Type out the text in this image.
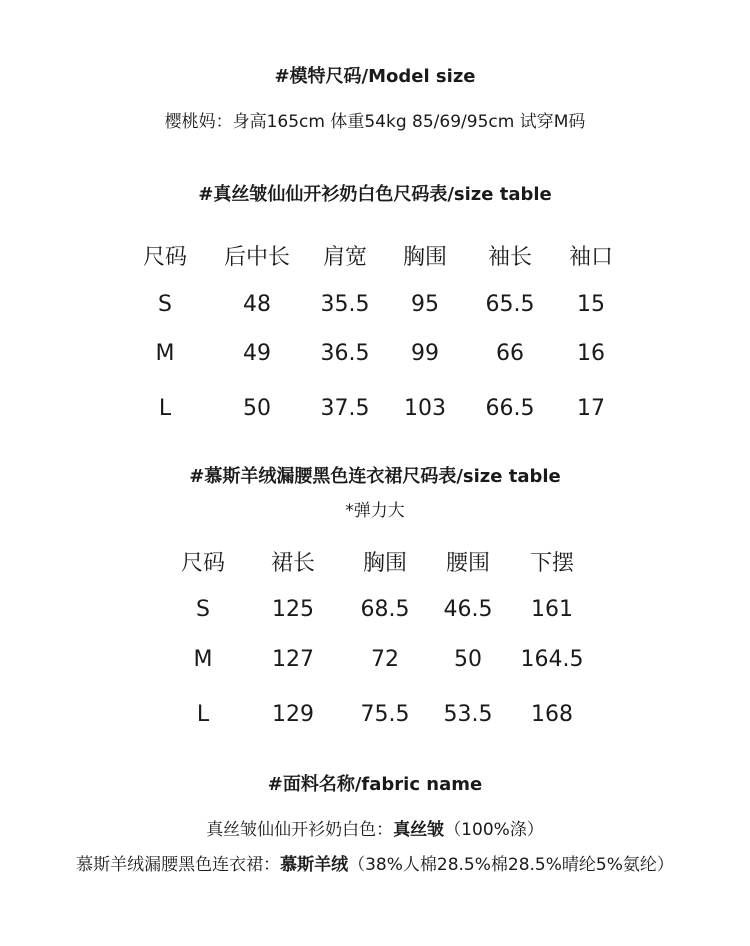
#模特尺码/Model size
樱桃妈：身高165cm 体重54kg 85/69/95cm 试穿M码
#真丝皱仙仙开衫奶白色尺码表/size table
尺码 后中长 肩宽 胸围 袖长 袖口
S	48 35.5 95 65.5 15
M	49 36.5 99	66 16
L	50 37.5 103 66.5 17
#慕斯羊绒漏腰黑色连衣裙尺码表/size table
*弹力大
尺码 裙长 胸围 腰围 下摆
S	125 68.5 46.5 161
M	127	72	50 164.5
L	129 75.5 53.5 168
#面料名称/fabric name
真丝皱仙仙开衫奶白色：真丝皱（100%涤）
慕斯羊绒漏腰黑色连衣裙：慕斯羊绒（38%人棉28.5%棉28.5%晴纶5%氨纶）
